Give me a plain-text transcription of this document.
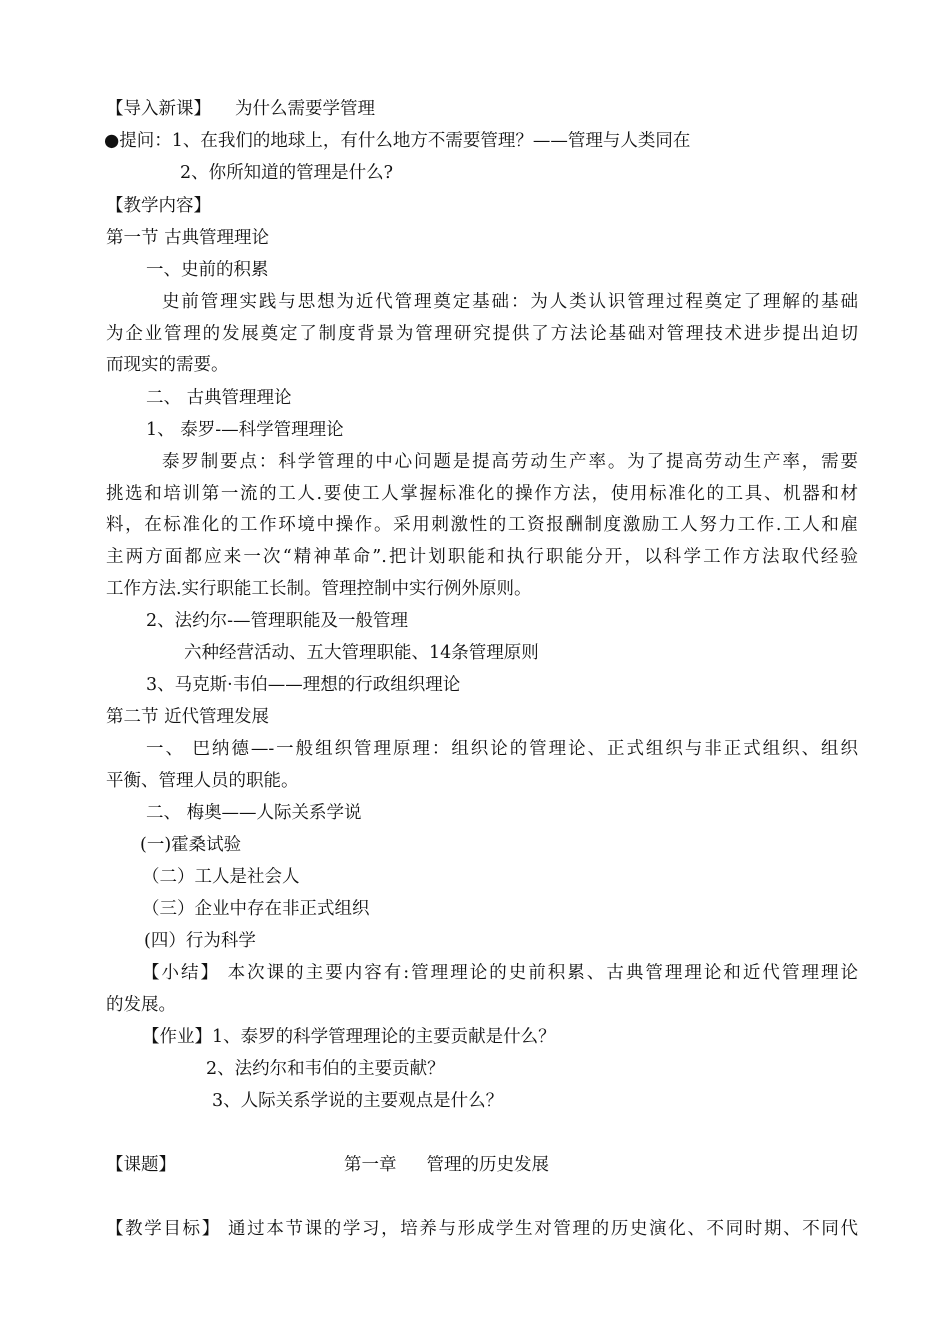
【导入新课】 为什么需要学管理
●提问：1、在我们的地球上，有什么地方不需要管理？——管理与人类同在
2、你所知道的管理是什么?
【教学内容】
第一节 古典管理理论
一、史前的积累
史前管理实践与思想为近代管理奠定基础：为人类认识管理过程奠定了理解的基础
为企业管理的发展奠定了制度背景为管理研究提供了方法论基础对管理技术进步提出迫切
而现实的需要。
二、 古典管理理论
1、 泰罗-—科学管理理论
泰罗制要点：科学管理的中心问题是提高劳动生产率。为了提高劳动生产率，需要
挑选和培训第一流的工人.要使工人掌握标准化的操作方法，使用标准化的工具、机器和材
料，在标准化的工作环境中操作。采用刺激性的工资报酬制度激励工人努力工作.工人和雇
主两方面都应来一次“精神革命”.把计划职能和执行职能分开，以科学工作方法取代经验
工作方法.实行职能工长制。管理控制中实行例外原则。
2、法约尔-—管理职能及一般管理
六种经营活动、五大管理职能、14条管理原则
3、马克斯·韦伯——理想的行政组织理论
第二节 近代管理发展
一、 巴纳德—-一般组织管理原理：组织论的管理论、正式组织与非正式组织、组织
平衡、管理人员的职能。
二、 梅奥——人际关系学说
(一)霍桑试验
（二）工人是社会人
（三）企业中存在非正式组织
(四）行为科学
【小结】 本次课的主要内容有:管理理论的史前积累、古典管理理论和近代管理理论
的发展。
【作业】1、泰罗的科学管理理论的主要贡献是什么？
2、法约尔和韦伯的主要贡献？
3、人际关系学说的主要观点是什么？
【课题】	第一章 管理的历史发展
【教学目标】 通过本节课的学习，培养与形成学生对管理的历史演化、不同时期、不同代
